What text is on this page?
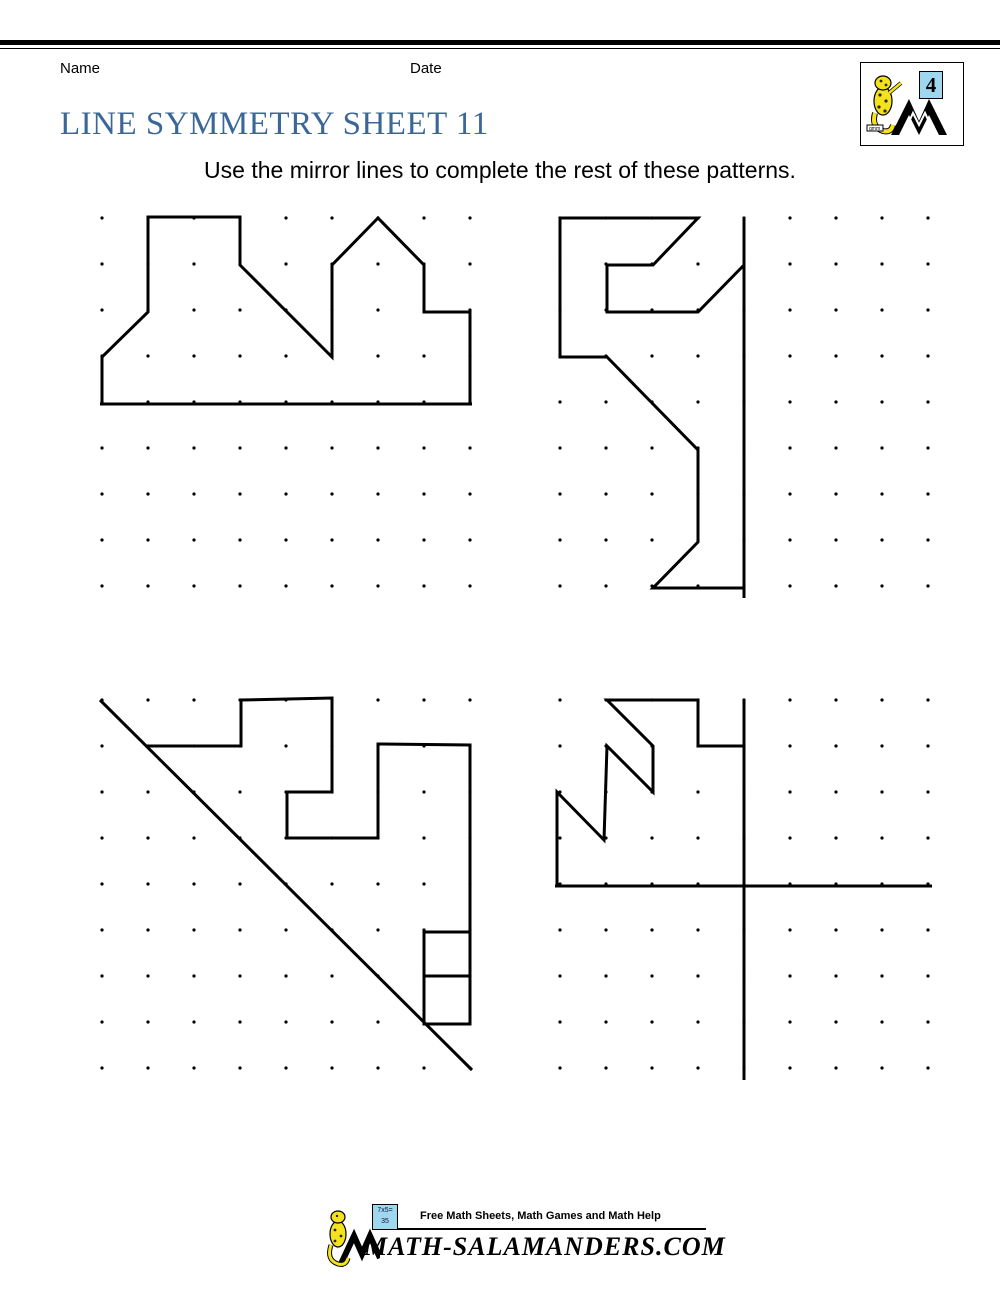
Name	Date
LINE SYMMETRY SHEET 11

Use the mirror lines to complete the rest of these patterns.

gmm
4
7x5=
35	Free Math Sheets, Math Games and Math Help
MATH-SALAMANDERS.COM
